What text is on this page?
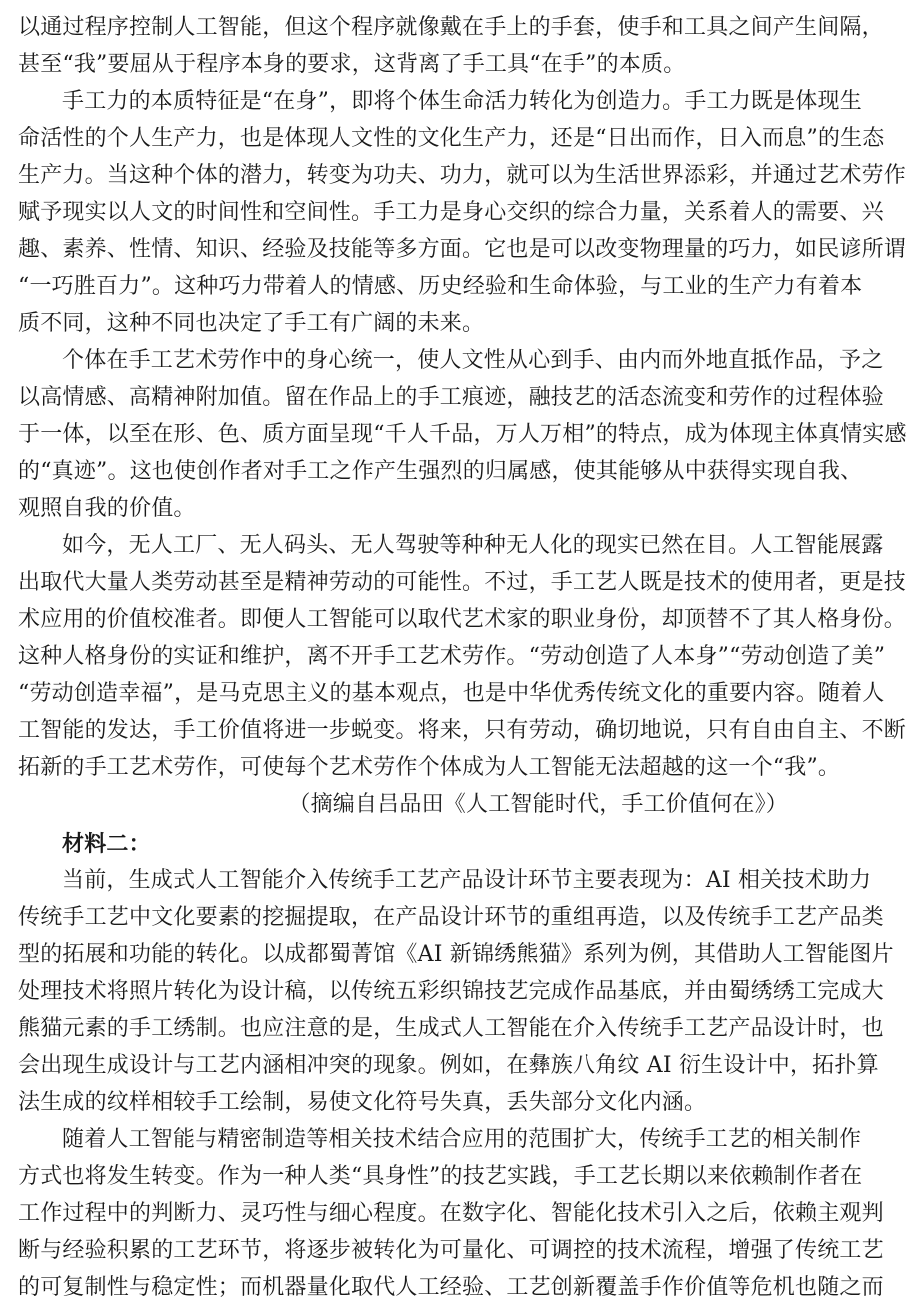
以通过程序控制人工智能，但这个程序就像戴在手上的手套，使手和工具之间产生间隔，
甚至“我”要屈从于程序本身的要求，这背离了手工具“在手”的本质。
手工力的本质特征是“在身”，即将个体生命活力转化为创造力。手工力既是体现生
命活性的个人生产力，也是体现人文性的文化生产力，还是“日出而作，日入而息”的生态
生产力。当这种个体的潜力，转变为功夫、功力，就可以为生活世界添彩，并通过艺术劳作
赋予现实以人文的时间性和空间性。手工力是身心交织的综合力量，关系着人的需要、兴
趣、素养、性情、知识、经验及技能等多方面。它也是可以改变物理量的巧力，如民谚所谓
“一巧胜百力”。这种巧力带着人的情感、历史经验和生命体验，与工业的生产力有着本
质不同，这种不同也决定了手工有广阔的未来。
个体在手工艺术劳作中的身心统一，使人文性从心到手、由内而外地直抵作品，予之
以高情感、高精神附加值。留在作品上的手工痕迹，融技艺的活态流变和劳作的过程体验
于一体，以至在形、色、质方面呈现“千人千品，万人万相”的特点，成为体现主体真情实感
的“真迹”。这也使创作者对手工之作产生强烈的归属感，使其能够从中获得实现自我、
观照自我的价值。
如今，无人工厂、无人码头、无人驾驶等种种无人化的现实已然在目。人工智能展露
出取代大量人类劳动甚至是精神劳动的可能性。不过，手工艺人既是技术的使用者，更是技
术应用的价值校准者。即便人工智能可以取代艺术家的职业身份，却顶替不了其人格身份。
这种人格身份的实证和维护，离不开手工艺术劳作。“劳动创造了人本身”“劳动创造了美”
“劳动创造幸福”，是马克思主义的基本观点，也是中华优秀传统文化的重要内容。随着人
工智能的发达，手工价值将进一步蜕变。将来，只有劳动，确切地说，只有自由自主、不断
拓新的手工艺术劳作，可使每个艺术劳作个体成为人工智能无法超越的这一个“我”。
（摘编自吕品田《人工智能时代，手工价值何在》）
材料二：
当前，生成式人工智能介入传统手工艺产品设计环节主要表现为：AI 相关技术助力
传统手工艺中文化要素的挖掘提取，在产品设计环节的重组再造，以及传统手工艺产品类
型的拓展和功能的转化。以成都蜀菁馆《AI 新锦绣熊猫》系列为例，其借助人工智能图片
处理技术将照片转化为设计稿，以传统五彩织锦技艺完成作品基底，并由蜀绣绣工完成大
熊猫元素的手工绣制。也应注意的是，生成式人工智能在介入传统手工艺产品设计时，也
会出现生成设计与工艺内涵相冲突的现象。例如，在彝族八角纹 AI 衍生设计中，拓扑算
法生成的纹样相较手工绘制，易使文化符号失真，丢失部分文化内涵。
随着人工智能与精密制造等相关技术结合应用的范围扩大，传统手工艺的相关制作
方式也将发生转变。作为一种人类“具身性”的技艺实践，手工艺长期以来依赖制作者在
工作过程中的判断力、灵巧性与细心程度。在数字化、智能化技术引入之后，依赖主观判
断与经验积累的工艺环节，将逐步被转化为可量化、可调控的技术流程，增强了传统工艺
的可复制性与稳定性；而机器量化取代人工经验、工艺创新覆盖手作价值等危机也随之而
